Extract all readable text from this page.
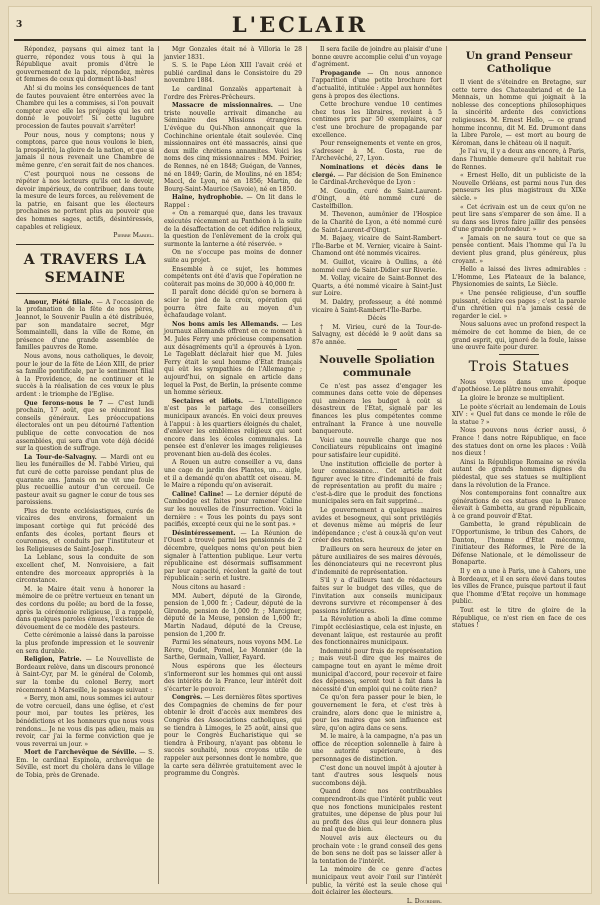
3	L'ECLAIR

Répondez, paysans qui aimez tant la guerre, répondez vous tous à qui la République avait promis d'être le gouvernement de la paix, répondez, mères et femmes de ceux qui dorment là-bas!

Ah! si du moins les conséquences de tant de fautes pouvaient être enterrées avec la Chambre qui les a commises, si l'on pouvait compter avec elle les préjugés qui les ont donné le pouvoir! Si cette lugubre procession de fautes pouvait s'arrêter!

Pour nous, nous y comptons; nous y comptons, parce que nous voulons le bien, la prospérité, la gloire de la nation, et que si jamais il nous revenait une Chambre de même genre, c'en serait fait de nos chances.

C'est pourquoi nous ne cessons de répéter à nos lecteurs qu'ils ont le devoir, devoir impérieux, de contribuer, dans toute la mesure de leurs forces, au relèvement de la patrie, en faisant que les électeurs prochaines ne portent plus au pouvoir que des hommes sages, actifs, désintéressés, capables et religieux.

Pierre Mariel.
A TRAVERS LA SEMAINE

Amour, Piété filiale. — A l'occasion de la profanation de la fête de nos pères, Jeannot, le Souvenir Paulin a été distribuée, par son mandataire secret, Mgr Sommaintelli, dans la ville de Rome, en présence d'une grande assemblée de familles pauvres de Rome.

Nous avons, nous catholiques, le devoir, pour le jour de la fête de Léon XIII, de prier sa famille pontificale, par le sentiment filial à la Providence, de ne continuer et le succès à la réalisation de ces vœux le plus ardent : le triomphe de l'Eglise.

Que ferons-nous le 7 — C'est lundi prochain, 17 août, que se réuniront les conseils généraux. Les préoccupations électorales ont un peu détourné l'attention publique de cette convocation de nos assemblées, qui sera d'un vote déjà décidé sur la question de suffrage.

La Tour-de-Salvagny. — Mardi ont eu lieu les funérailles de M. l'abbé Virieu, qui fut curé de cette paroisse pendant plus de quarante ans. Jamais on ne vit une foule plus recueillie autour d'un cercueil. Ce pasteur avait su gagner le cœur de tous ses paroissiens.

Plus de trente ecclésiastiques, curés de vicaires des environs, formaient un imposant cortège qui fut précédé des enfants des écoles, portant fleurs et couronnes, et conduits par l'instituteur et les Religieuses de Saint-Joseph.

La Leblanc, sous la conduite de son excellent chef, M. Nonvoisiere, a fait entendre des morceaux appropriés à la circonstance.

M. le Maire était venu à honorer la mémoire de ce prêtre vertueux en tenant un des cordons du poêle; au bord de la fosse, après la cérémonie religieuse, il a rappelé, dans quelques paroles émues, l'existence de dévouement de ce modèle des pasteurs.

Cette cérémonie a laissé dans la paroisse la plus profonde impression et le souvenir en sera durable.

Religion, Patrie. — Le Nouvelliste de Bordeaux relève, dans un discours prononcé à Saint-Cyr, par M. le général de Colomb, sur la tombe du colonel Berry, mort récemment à Marseille, le passage suivant :

« Berry, mon ami, nous sommes ici autour de votre cercueil, dans une église, et c'est pour moi, par toutes les prières, les bénédictions et les honneurs que nous vous rendons... Je ne vous dis pas adieu, mais au revoir, car j'ai la ferme conviction que je vous reverrai un jour. »

Mort de l'archevêque de Séville. — S. Em. le cardinal Espinola, archevêque de Séville, est mort du choléra dans le village de Tobia, près de Grenade.

Mgr Gonzales était né à Villoria le 28 janvier 1831.

S. S. le Pape Léon XIII l'avait créé et publié cardinal dans le Consistoire du 29 novembre 1884.

Le cardinal Gonzalès appartenait à l'ordre des Frères-Prêcheurs.

Massacre de missionnaires. — Une triste nouvelle arrivait dimanche au Séminaire des Missions étrangères. L'évêque du Qui-Nhon annonçait que la Cochinchine orientale était soulevée. Cinq missionnaires ont été massacrés, ainsi que deux mille chrétiens annamites. Voici les noms des cinq missionnaires : MM. Poirier, de Rennes, né en 1848; Guégan, de Vannes, né en 1849; Garin, de Moulins, né en 1854; Maccl, de Lyon, né en 1856; Martin, de Bourg-Saint-Maurice (Savoie), né en 1850.

Haine, hydrophobie. — On lit dans le Rappel :

« On a remarqué que, dans les travaux exécutés récemment au Panthéon à la suite de la désaffectation de cet édifice religieux, la question de l'enlèvement de la croix qui surmonte la lanterne a été réservée. »

On ne s'occupe pas moins de donner suite au projet.

Ensemble à ce sujet, les hommes compétents ont été d'avis que l'opération ne coûterait pas moins de 30,000 à 40,000 fr.

Il paraît donc décidé qu'on se bornera à scier le pied de la croix, opération qui pourra être faite au moyen d'un échafaudage volant.

Nos bons amis les Allemands. — Les journaux allemands offrent en ce moment à M. Jules Ferry une précieuse compensation aux désagréments qu'il a éprouvés à Lyon. Le Tageblatt déclarait hier que M. Jules Ferry était le seul homme d'Etat français qui eût les sympathies de l'Allemagne ; aujourd'hui, on signale en article dans lequel la Post, de Berlin, la présente comme un homme sérieux.

Sectaires et idiots. — L'intelligence n'est pas le partage des conseillers municipaux avancés. En voici deux preuves à l'appui : à les quartiers éloignés du chalet, d'enlever les emblèmes religieux qui sont encore dans les écoles communales. La pensée est d'enlever les images religieuses provenant bien au-delà des écoles.

A Rouen un autre conseiller a vu, dans une cage du jardin des Plantes, un... aigle, et il a demandé qu'on abattît cet oiseau. M. le Maire a répondu qu'on aviserait.

Caline! Caline! — Le dernier député de Cambodge est faites pour ramener Caline sur les nouvelles de l'insurrection. Voici la dernière : « Tous les points du pays sont pacifiés, excepté ceux qui ne le sont pas. »

Désintéressement. — La Réunion de l'Ouest a trouvé parmi les pensionnés de 2 décembre, quelques noms qu'on peut bien signaler à l'attention publique. Leur vertu républicaine est désormais suffisamment par leur capacité, récolent la gaité de tout républicain : serin et lustre.

Nous citons au hasard :

MM. Aubert, député de la Gironde, pension de 1,000 fr. ; Cadeur, député de la Gironde, pension de 1,000 fr. ; Marcigner, député de la Meuse, pension de 1,600 fr.; Martin Nadaud, député de la Creuse, pension de 1,200 fr.

Parmi les sénateurs, nous voyons MM. Le Révre, Oudet, Pomel, Le Monnier (de la Sarthe, Germain, Vallier, Fayard.

Nous espérons que les électeurs s'informeront sur les hommes qui ont aussi des intérêts de la France, leur intérêt doit s'écarter le pouvoir.

Congrès. — Les dernières fêtes sportives des Compagnies de chemins de fer pour obtenir le droit d'accès aux membres des Congrès des Associations catholiques, qui se tiendra à Limoges, le 25 août, ainsi que pour le Congrès Eucharistique qui se tiendra à Fribourg, n'ayant pas obtenu le succès souhaité, nous croyons utile de rappeler aux personnes dont le nombre, que la carte sera délivrée gratuitement avec le programme du Congrès.

Il sera facile de joindre au plaisir d'une bonne œuvre accomplie celui d'un voyage d'agrément.

Propagande — On nous annonce l'apparition d'une petite brochure fort d'actualité, intitulée : Appel aux honnêtes gens à propos des élections.

Cette brochure vendue 10 centimes chez tous les libraires, revient à 5 centimes prix par 50 exemplaires, car c'est une brochure de propagande par excellence.

Pour renseignements et vente en gros, s'adresser à M. Gosta, rue de l'Archevêché, 27, Lyon.

Nominations et décès dans le clergé. — Par décision de Son Eminence le Cardinal-Archevêque de Lyon :

M. Goudin, curé de Saint-Laurent-d'Oingt, a été nommé curé de Castelfbillon.

M. Thevenon, aumônier de l'Hospice de la Charité de Lyon, a été nommé curé de Saint-Laurent-d'Oingt.

M. Bajaey, vicaire de Saint-Rambert-l'Île-Barbe et M. Vernier, vicaire à Saint-Chamond ont été nommés vicaires.

M. Guillot, vicaire à Oullins, a été nommé curé de Saint-Didier sur Riverie.

M. Vollay, vicaire de Saint-Bonnet des Quarts, a été nommé vicaire à Saint-Just sur Loire.

M. Daldry, professeur, a été nommé vicaire à Saint-Rambert-l'Île-Barbe.

Décès

† M. Virieu, curé de la Tour-de-Salvagny, est décédé le 9 août dans sa 87e année.

Nouvelle Spoliation communale

Ce n'est pas assez d'engager les communes dans cette voie de dépenses qui amènera les budget à coût si désastreux de l'Etat, signalé par les finances les plus compétentes comme entraînant la France à une nouvelle banqueroute.

Voici une nouvelle charge que nos Conciliateurs républicains ont imaginé pour satisfaire leur cupidité.

Une institution officielle de porter à leur connaissance... Cet article doit figurer avec le titre d'indemnité de frais de représentation au profit du maire ; c'est-à-dire que le produit des fonctions municipales sera en fait supprimé...

Le gouvernement a quelques maires avides et besogneux, qui sont privilégiés et devenus même au mépris de leur indépendance ; c'est à ceux-là qu'on veut créer des rentes.

D'ailleurs on sera heureux de jeter en pâture auxiliaires de ses maires dévoués, les dénonciateurs qui ne recevront plus d'indemnité de représentation.

S'il y a d'ailleurs tant de rédacteurs faites sur le budget des villes, que de l'invitation aux conseils municipaux devrons survivre et récompenser à des passions inférieures.

La Révolution a aboli la dîme comme l'impôt ecclésiastique, cela est injuste, en devenant laïque, est restaurée au profit des fonctionnaires municipaux.

Indemnité pour frais de représentation ; mais veut-il dire que les maires de campagne tout en ayant le même droit municipal d'accord, pour recevoir et faire des dépenses, seront tout à fait dans la nécessité d'un emploi qui ne coûte rien?

Ce qu'on fera passer pour le bien, le gouvernement le fera, et c'est très à craindre, alors donc que le ministre a, pour les maires que son influence est sûre, qu'on agira dans ce sens.

M. le maire, à la campagne, n'a pas un office de réception solennelle à faire à une autorité supérieure, à des personnages de distinction.

C'est donc un nouvel impôt à ajouter à tant d'autres sous lesquels nous succombons déjà.

Quand donc nos contribuables comprendront-ils que l'intérêt public veut que nos fonctions municipales restent gratuites, une dépense de plus pour lui au profit des élus qui leur donnera plus de mal que de bien.

Nouvel avis aux électeurs ou du prochain vote : le grand conseil des gens de bon sens ne doit pas se laisser aller à la tentation de l'intérêt.

La mémoire de ce genre d'actes municipaux veut avoir l'œil sur l'intérêt public, la vérité est la seule chose qui doit éclairer les électeurs.

L. Dourdier.
Un grand Penseur Catholique

Il vient de s'éteindre en Bretagne, sur cette terre des Chateaubriand et de La Mennais, un homme qui joignait à la noblesse des conceptions philosophiques la sincérité ardente des convictions religieuses. M. Ernest Hello, — ce grand homme inconnu, dit M. Ed. Drumont dans la Libre Parole, — est mort au bourg de Kéroman, dans le château où il naquit.

Je l'ai vu, il y a deux ans encore, à Paris, dans l'humble demeure qu'il habitait rue de Rennes.

« Ernest Hello, dit un publiciste de la Nouvelle Orléans, est parmi nous l'un des penseurs les plus magistraux du XIXe siècle. »

« Cet écrivain est un de ceux qu'on ne peut lire sans s'emparer de son âme. Il a su dans ses livres faire jaillir des pensées d'une grande profondeur. »

« Jamais on ne saura tout ce que sa pensée contient. Mais l'homme qui l'a lu devient plus grand, plus généreux, plus croyant. »

Hello a laissé des livres admirables : L'Homme, Les Plateaux de la balance, Physionomies de saints, Le Siècle.

« Une pensée religieuse, d'un souffle puissant, éclaire ces pages ; c'est la parole d'un chrétien qui n'a jamais cessé de regarder le ciel. »

Nous saluons avec un profond respect la mémoire de cet homme de bien, de ce grand esprit, qui, ignoré de la foule, laisse une œuvre faite pour durer.

Trois Statues

Nous vivons dans une époque d'apothéose. Le plâtre nous envahit.

La gloire le bronze se multiplient.

Le poète s'écriait au lendemain de Louis XIV : « Quel fut dans ce monde le rôle de la statue ? »

Nous pouvons nous écrier aussi, ô France ! dans notre République, en face des statues dont on orne les places : Voilà nos dieux !

Ainsi la République Romaine se révéla autant de grands hommes dignes du piédestal, que ses statues se multiplient dans la révolution de la France.

Nos contemporains font connaître aux générations de ces statues que la France élevait à Gambetta, au grand républicain, à ce grand pouvoir d'Etat.

Gambetta, le grand républicain de l'Opportunisme, le tribun des Cahors, de Danton, l'homme d'Etat méconnu, l'initiateur des Réformes, le Père de la Défense Nationale, et le démolisseur de Bonaparte.

Il y en a une à Paris, une à Cahors, une à Bordeaux, et il en sera élevé dans toutes les villes de France, puisque partout il faut que l'homme d'Etat reçoive un hommage public.

Tout est le titre de gloire de la République, ce n'est rien en face de ces statues !
